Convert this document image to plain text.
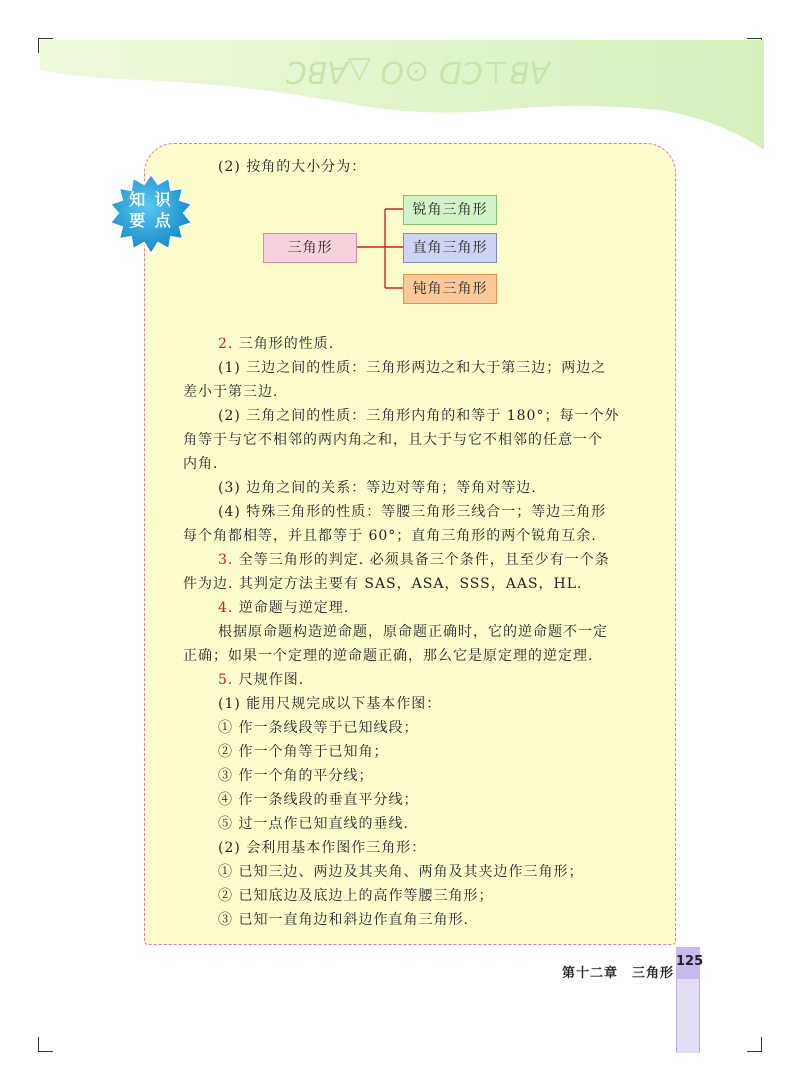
AB⊥CD ⊙O △ABC
知 识
要 点
(2) 按角的大小分为：
三角形
锐角三角形
直角三角形
钝角三角形
2. 三角形的性质.
(1) 三边之间的性质：三角形两边之和大于第三边；两边之
差小于第三边.
(2) 三角之间的性质：三角形内角的和等于 180°；每一个外
角等于与它不相邻的两内角之和，且大于与它不相邻的任意一个
内角.
(3) 边角之间的关系：等边对等角；等角对等边.
(4) 特殊三角形的性质：等腰三角形三线合一；等边三角形
每个角都相等，并且都等于 60°；直角三角形的两个锐角互余.
3. 全等三角形的判定. 必须具备三个条件，且至少有一个条
件为边. 其判定方法主要有 SAS，ASA，SSS，AAS，HL.
4. 逆命题与逆定理.
根据原命题构造逆命题，原命题正确时，它的逆命题不一定
正确；如果一个定理的逆命题正确，那么它是原定理的逆定理.
5. 尺规作图.
(1) 能用尺规完成以下基本作图：
① 作一条线段等于已知线段；
② 作一个角等于已知角；
③ 作一个角的平分线；
④ 作一条线段的垂直平分线；
⑤ 过一点作已知直线的垂线.
(2) 会利用基本作图作三角形：
① 已知三边、两边及其夹角、两角及其夹边作三角形；
② 已知底边及底边上的高作等腰三角形；
③ 已知一直角边和斜边作直角三角形.
125
第十二章　三角形
